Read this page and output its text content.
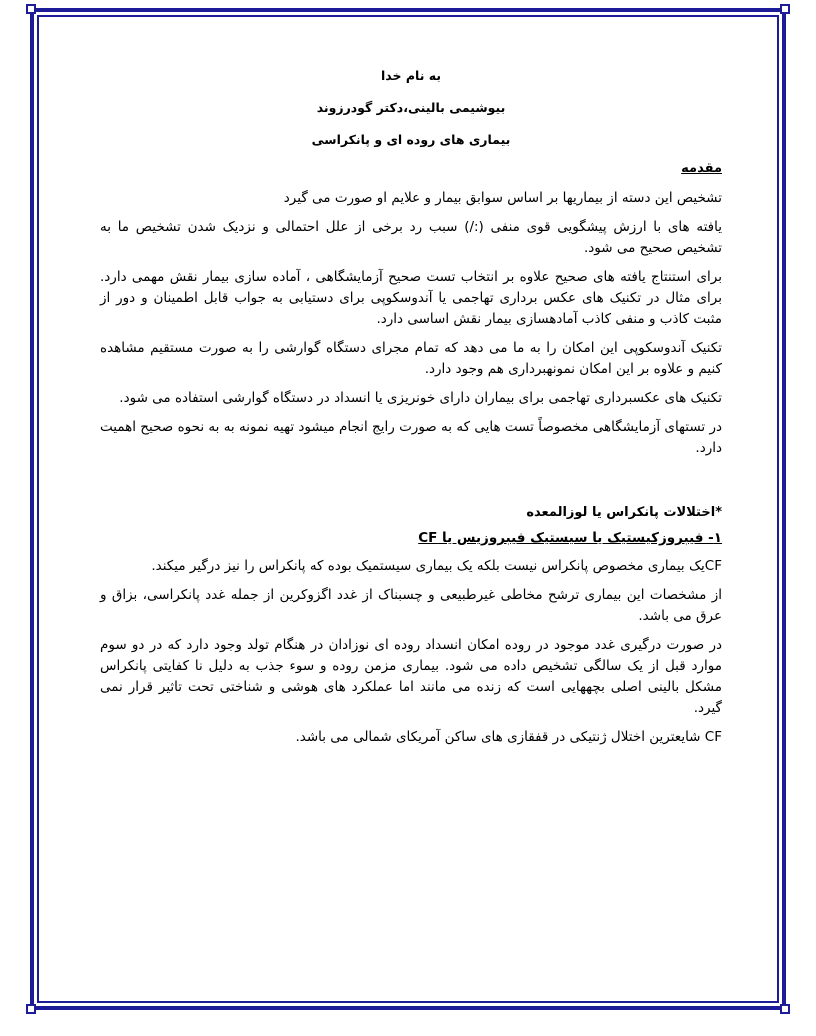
به نام خدا
بیوشیمی بالینی،دکتر گودرزوند
بیماری های روده ای و پانکراسی
مقدمه

تشخیص این دسته از بیماریها بر اساس سوابق بیمار و علایم او صورت می گیرد

یافته های با ارزش پیشگویی قوی منفی (:/) سبب رد برخی از علل احتمالی و نزدیک شدن تشخیص ما به تشخیص صحیح می شود.

برای استنتاج یافته های صحیح علاوه بر انتخاب تست صحیح آزمایشگاهی ، آماده سازی بیمار نقش مهمی دارد. برای مثال در تکنیک های عکس برداری تهاجمی یا آندوسکوپی برای دستیابی به جواب قابل اطمینان و دور از مثبت کاذب و منفی کاذب آمادهسازی بیمار نقش اساسی دارد.

تکنیک آندوسکوپی این امکان را به ما می دهد که تمام مجرای دستگاه گوارشی را به صورت مستقیم مشاهده کنیم و علاوه بر این امکان نمونهبرداری هم وجود دارد.

تکنیک های عکسبرداری تهاجمی برای بیماران دارای خونریزی یا انسداد در دستگاه گوارشی استفاده می شود.

در تستهای آزمایشگاهی مخصوصاً تست هایی که به صورت رایج انجام میشود تهیه نمونه به به نحوه صحیح اهمیت دارد.

*اختلالات پانکراس یا لوزالمعده
۱- فیبروزکیستیک یا سیستیک فیبروزیس یا CF

CFیک بیماری مخصوص پانکراس نیست بلکه یک بیماری سیستمیک بوده که پانکراس را نیز درگیر میکند.

از مشخصات این بیماری ترشح مخاطی غیرطبیعی و چسبناک از غدد اگزوکرین از جمله غدد پانکراسی، بزاق و عرق می باشد.

در صورت درگیری غدد موجود در روده امکان انسداد روده ای نوزادان در هنگام تولد وجود دارد که در دو سوم موارد قبل از یک سالگی تشخیص داده می شود. بیماری مزمن روده و سوء جذب به دلیل نا کفایتی پانکراس مشکل بالینی اصلی بچههایی است که زنده می مانند اما عملکرد های هوشی و شناختی تحت تاثیر قرار نمی گیرد.

CF شایعترین اختلال ژنتیکی در قفقازی های ساکن آمریکای شمالی می باشد.
